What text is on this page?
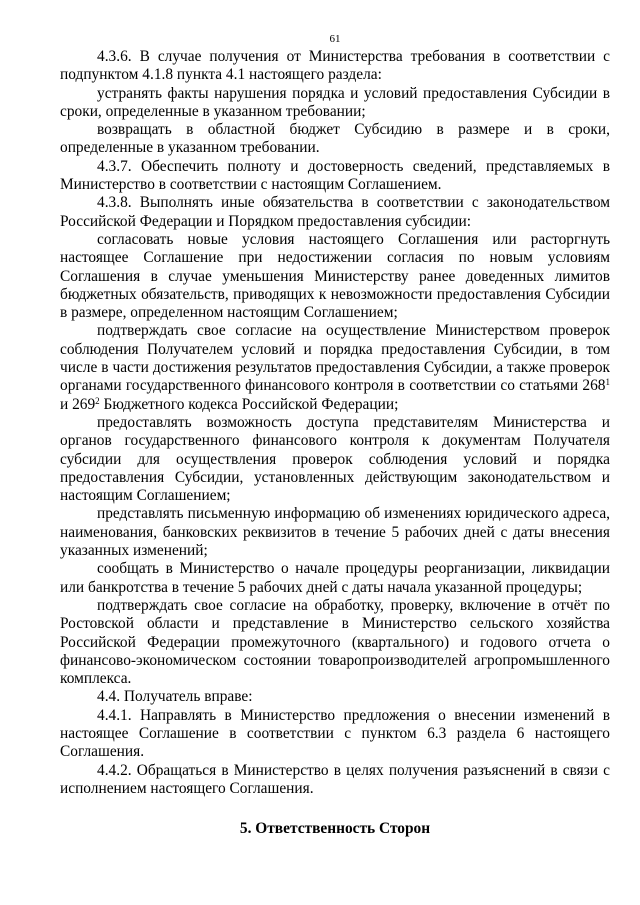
61

4.3.6. В случае получения от Министерства требования в соответствии с подпунктом 4.1.8 пункта 4.1 настоящего раздела:

устранять факты нарушения порядка и условий предоставления Субсидии в сроки, определенные в указанном требовании;

возвращать в областной бюджет Субсидию в размере и в сроки, определенные в указанном требовании.

4.3.7. Обеспечить полноту и достоверность сведений, представляемых в Министерство в соответствии с настоящим Соглашением.

4.3.8. Выполнять иные обязательства в соответствии с законодательством Российской Федерации и Порядком предоставления субсидии:

согласовать новые условия настоящего Соглашения или расторгнуть настоящее Соглашение при недостижении согласия по новым условиям Соглашения в случае уменьшения Министерству ранее доведенных лимитов бюджетных обязательств, приводящих к невозможности предоставления Субсидии в размере, определенном настоящим Соглашением;

подтверждать свое согласие на осуществление Министерством проверок соблюдения Получателем условий и порядка предоставления Субсидии, в том числе в части достижения результатов предоставления Субсидии, а также проверок органами государственного финансового контроля в соответствии со статьями $268^1$ и $269^2$ Бюджетного кодекса Российской Федерации;

предоставлять возможность доступа представителям Министерства и органов государственного финансового контроля к документам Получателя субсидии для осуществления проверок соблюдения условий и порядка предоставления Субсидии, установленных действующим законодательством и настоящим Соглашением;

представлять письменную информацию об изменениях юридического адреса, наименования, банковских реквизитов в течение 5 рабочих дней с даты внесения указанных изменений;

сообщать в Министерство о начале процедуры реорганизации, ликвидации или банкротства в течение 5 рабочих дней с даты начала указанной процедуры;

подтверждать свое согласие на обработку, проверку, включение в отчёт по Ростовской области и представление в Министерство сельского хозяйства Российской Федерации промежуточного (квартального) и годового отчета о финансово-экономическом состоянии товаропроизводителей агропромышленного комплекса.

4.4. Получатель вправе:

4.4.1. Направлять в Министерство предложения о внесении изменений в настоящее Соглашение в соответствии с пунктом 6.3 раздела 6 настоящего Соглашения.

4.4.2. Обращаться в Министерство в целях получения разъяснений в связи с исполнением настоящего Соглашения.

5. Ответственность Сторон
